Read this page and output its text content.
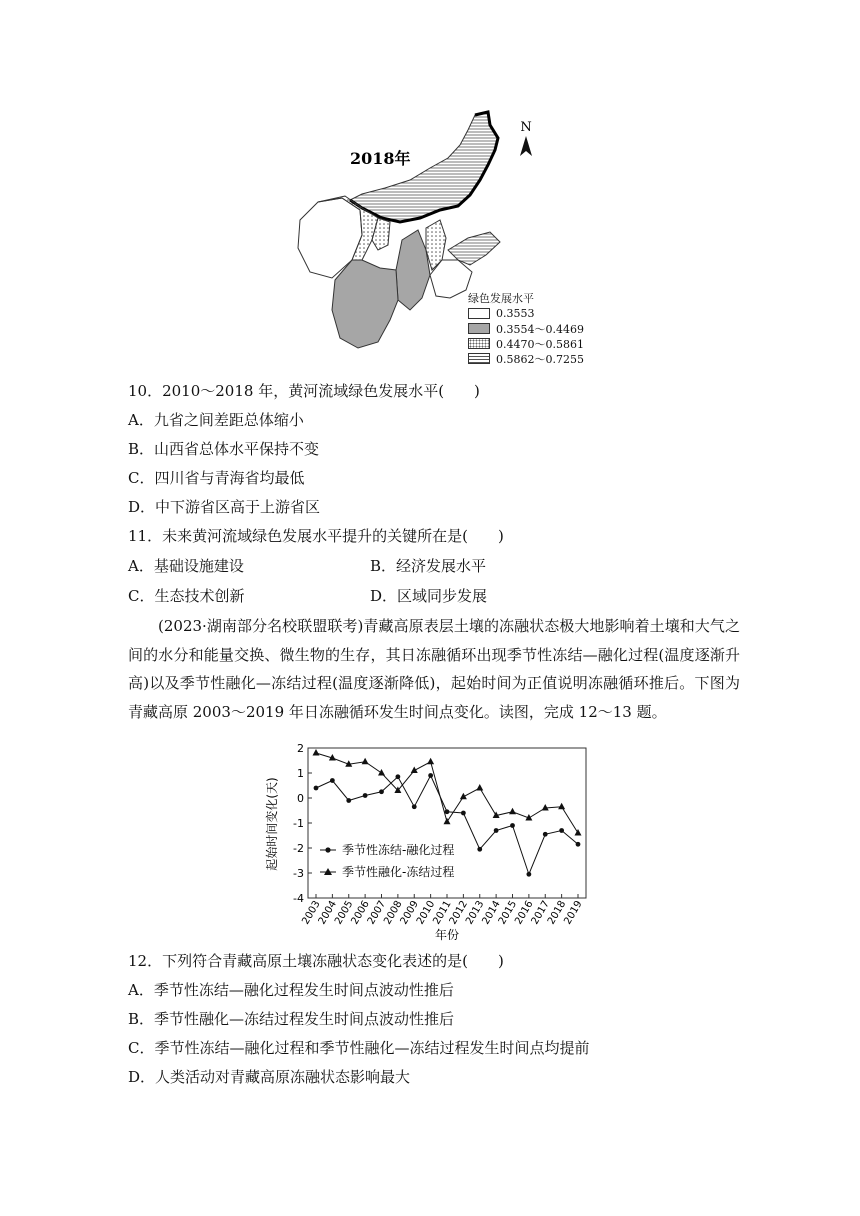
N
2018年
绿色发展水平
0.3553
0.3554～0.4469
0.4470～0.5861
0.5862～0.7255
10．2010～2018 年，黄河流域绿色发展水平(　　)
A．九省之间差距总体缩小
B．山西省总体水平保持不变
C．四川省与青海省均最低
D．中下游省区高于上游省区
11．未来黄河流域绿色发展水平提升的关键所在是(　　)
A．基础设施建设	B．经济发展水平
C．生态技术创新	D．区域同步发展
(2023·湖南部分名校联盟联考)青藏高原表层土壤的冻融状态极大地影响着土壤和大气之间的水分和能量交换、微生物的生存，其日冻融循环出现季节性冻结—融化过程(温度逐渐升高)以及季节性融化—冻结过程(温度逐渐降低)，起始时间为正值说明冻融循环推后。下图为青藏高原 2003～2019 年日冻融循环发生时间点变化。读图，完成 12～13 题。
2
1
0
-1
-2
-3
-4
2003
2004
2005
2006
2007
2008
2009
2010
2011
2012
2013
2014
2015
2016
2017
2018
2019
起始时间变化(天)
年份
季节性冻结-融化过程
季节性融化-冻结过程
12．下列符合青藏高原土壤冻融状态变化表述的是(　　)
A．季节性冻结—融化过程发生时间点波动性推后
B．季节性融化—冻结过程发生时间点波动性推后
C．季节性冻结—融化过程和季节性融化—冻结过程发生时间点均提前
D．人类活动对青藏高原冻融状态影响最大
